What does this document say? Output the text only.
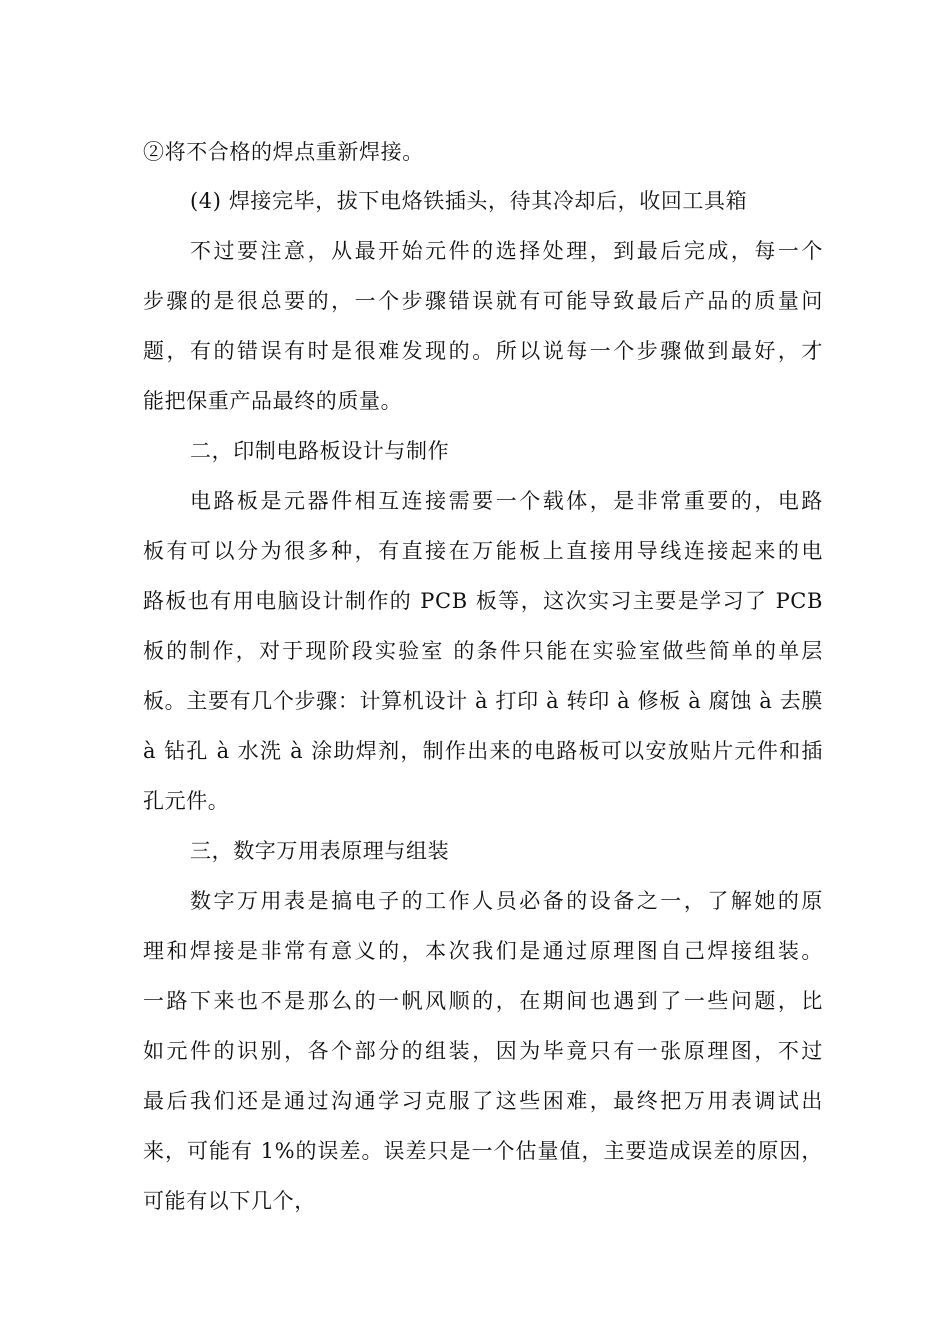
②将不合格的焊点重新焊接。
(4) 焊接完毕，拔下电烙铁插头，待其冷却后，收回工具箱
不过要注意，从最开始元件的选择处理，到最后完成，每一个
步骤的是很总要的，一个步骤错误就有可能导致最后产品的质量问
题，有的错误有时是很难发现的。所以说每一个步骤做到最好，才
能把保重产品最终的质量。
二，印制电路板设计与制作
电路板是元器件相互连接需要一个载体，是非常重要的，电路
板有可以分为很多种，有直接在万能板上直接用导线连接起来的电
路板也有用电脑设计制作的 PCB 板等，这次实习主要是学习了 PCB
板的制作，对于现阶段实验室 的条件只能在实验室做些简单的单层
板。主要有几个步骤：计算机设计 à 打印 à 转印 à 修板 à 腐蚀 à 去膜
à 钻孔 à 水洗 à 涂助焊剂，制作出来的电路板可以安放贴片元件和插
孔元件。
三，数字万用表原理与组装
数字万用表是搞电子的工作人员必备的设备之一，了解她的原
理和焊接是非常有意义的，本次我们是通过原理图自己焊接组装。
一路下来也不是那么的一帆风顺的，在期间也遇到了一些问题，比
如元件的识别，各个部分的组装，因为毕竟只有一张原理图，不过
最后我们还是通过沟通学习克服了这些困难，最终把万用表调试出
来，可能有 1%的误差。误差只是一个估量值，主要造成误差的原因，
可能有以下几个，
